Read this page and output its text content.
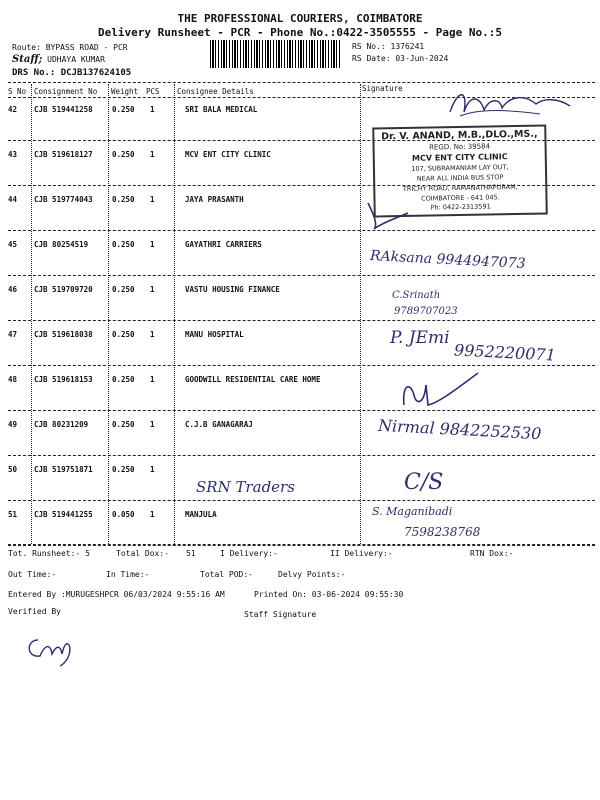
THE PROFESSIONAL COURIERS, COIMBATORE
Delivery Runsheet - PCR - Phone No.:0422-3505555 - Page No.:5
Route: BYPASS ROAD - PCR
Staff; UDHAYA KUMAR
DRS No.: DCJB137624105
RS No.: 1376241
RS Date: 03-Jun-2024
S No Consignment No Weight PCS Consignee Details	Signature
42 CJB 519441258	0.250 1	SRI BALA MEDICAL
43 CJB 519618127	0.250 1	MCV ENT CITY CLINIC
44 CJB 519774043	0.250 1	JAYA PRASANTH
45 CJB 80254519	0.250 1	GAYATHRI CARRIERS
46 CJB 519709720	0.250 1	VASTU HOUSING FINANCE
47 CJB 519618038	0.250 1	MANU HOSPITAL
48 CJB 519618153	0.250 1	GOODWILL RESIDENTIAL CARE HOME
49 CJB 80231209	0.250 1	C.J.B GANAGARAJ
50 CJB 519751871	0.250 1
51 CJB 519441255	0.050 1	MANJULA
Dr. V. ANAND, M.B.,DLO.,MS.,
REGD. No: 39584
MCV ENT CITY CLINIC
107, SUBRAMANIAM LAY OUT,
NEAR ALL INDIA BUS STOP
TRICHY ROAD, RAMANATHAPURAM,
COIMBATORE - 641 045.
Ph: 0422-2313591
RAksana 9944947073
C.Srinath
9789707023
P. JEmi
9952220071
Nirmal 9842252530
SRN Traders	C/S
S. Maganibadi
7598238768
Tot. Runsheet:- 5	Total Dox:- 51	I Delivery:-	II Delivery:-	RTN Dox:-
Out Time:-	In Time:-	Total POD:-	Delvy Points:-
Entered By :MURUGESHPCR 06/03/2024 9:55:16 AM	Printed On: 03-06-2024 09:55:30
Verified By	Staff Signature
